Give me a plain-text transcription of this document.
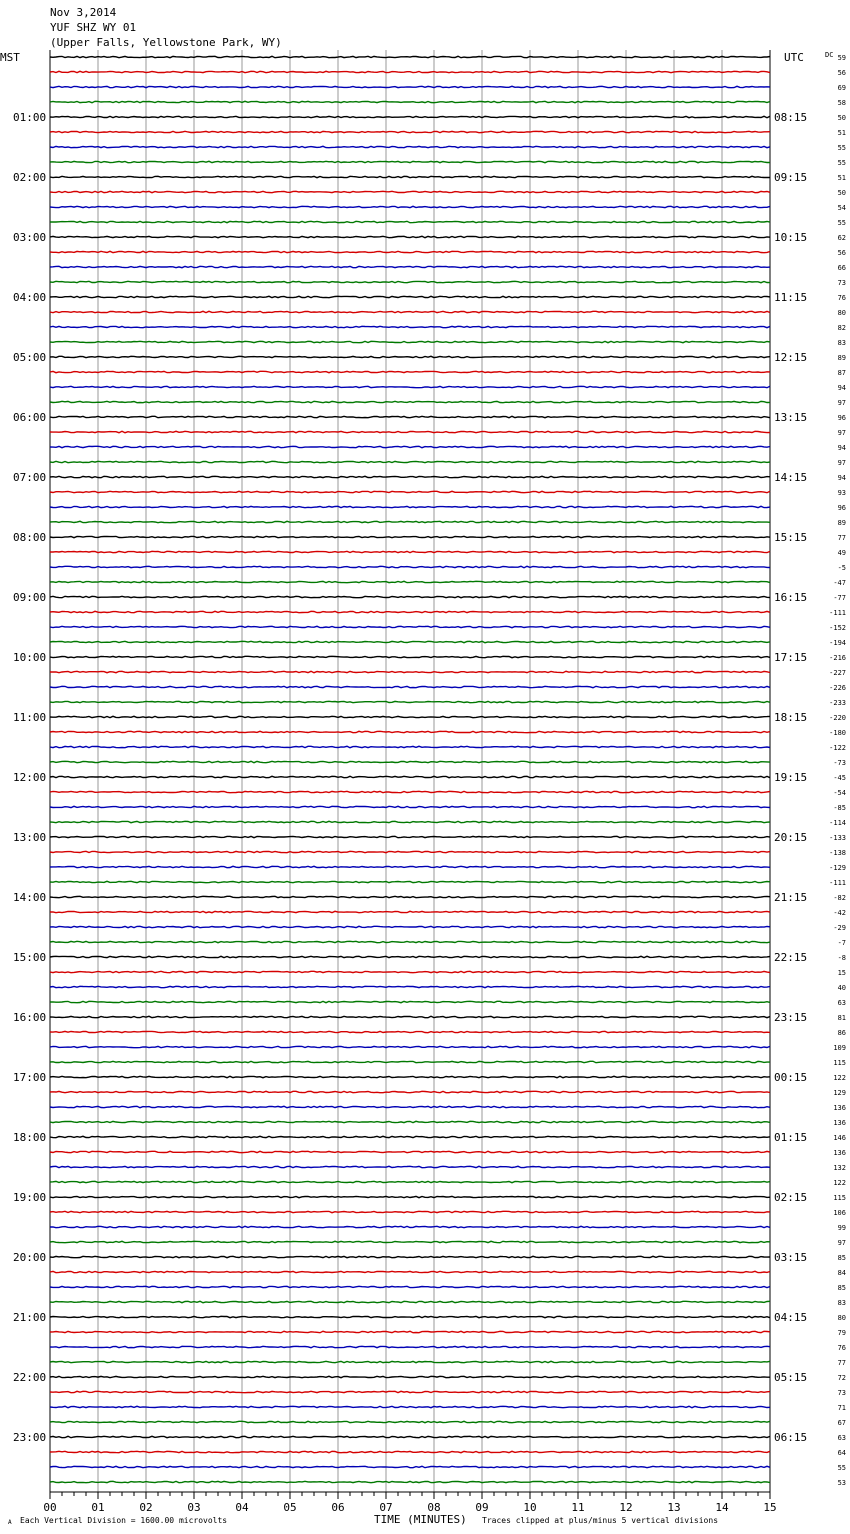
Nov 3,2014
YUF SHZ WY 01
(Upper Falls, Yellowstone Park, WY)
MST	UTC	DC
01:00
02:00
03:00
04:00
05:00
06:00
07:00
08:00
09:00
10:00
11:00
12:00
13:00
14:00
15:00
16:00
17:00
18:00
19:00
20:00
21:00
22:00
23:00
08:15
09:15
10:15
11:15
12:15
13:15
14:15
15:15
16:15
17:15
18:15
19:15
20:15
21:15
22:15
23:15
00:15
01:15
02:15
03:15
04:15
05:15
06:15
59
56
69
58
50
51
55
55
51
50
54
55
62
56
66
73
76
80
82
83
89
87
94
97
96
97
94
97
94
93
96
89
77
49
-5
-47
-77
-111
-152
-194
-216
-227
-226
-233
-220
-180
-122
-73
-45
-54
-85
-114
-133
-138
-129
-111
-82
-42
-29
-7
-8
15
40
63
81
86
109
115
122
129
136
136
146
136
132
122
115
106
99
97
85
84
85
83
80
79
76
77
72
73
71
67
63
64
55
53
00	01	02	03	04	05	06	07	08	09	10	11	12	13	14	15
A Each Vertical Division = 1600.00 microvolts	TIME (MINUTES) Traces clipped at plus/minus 5 vertical divisions
